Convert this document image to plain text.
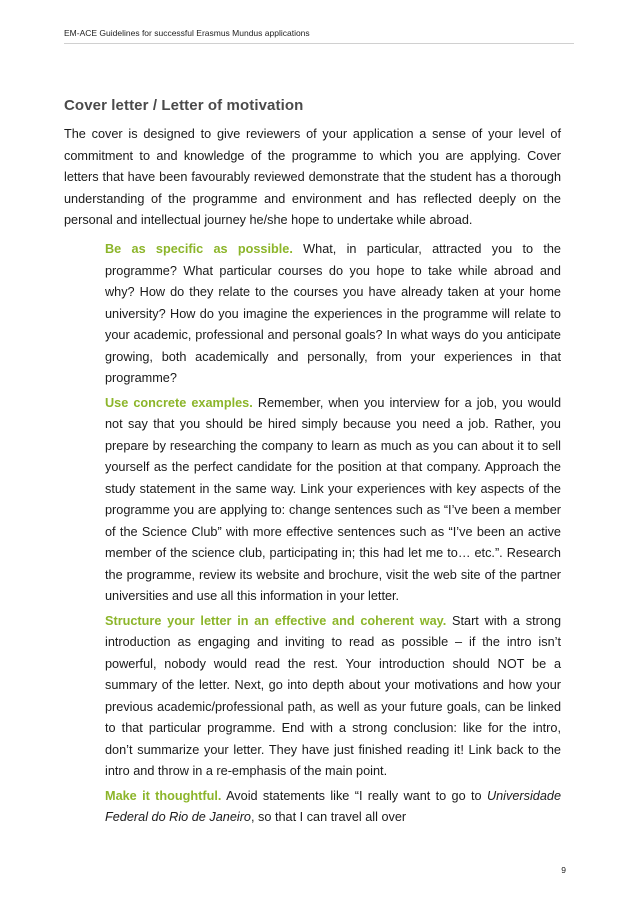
EM-ACE Guidelines for successful Erasmus Mundus applications
Cover letter / Letter of motivation

The cover is designed to give reviewers of your application a sense of your level of commitment to and knowledge of the programme to which you are applying. Cover letters that have been favourably reviewed demonstrate that the student has a thorough understanding of the programme and environment and has reflected deeply on the personal and intellectual journey he/she hope to undertake while abroad.

Be as specific as possible. What, in particular, attracted you to the programme? What particular courses do you hope to take while abroad and why? How do they relate to the courses you have already taken at your home university? How do you imagine the experiences in the programme will relate to your academic, professional and personal goals? In what ways do you anticipate growing, both academically and personally, from your experiences in that programme?

Use concrete examples. Remember, when you interview for a job, you would not say that you should be hired simply because you need a job. Rather, you prepare by researching the company to learn as much as you can about it to sell yourself as the perfect candidate for the position at that company. Approach the study statement in the same way. Link your experiences with key aspects of the programme you are applying to: change sentences such as “I’ve been a member of the Science Club” with more effective sentences such as “I’ve been an active member of the science club, participating in; this had let me to… etc.”. Research the programme, review its website and brochure, visit the web site of the partner universities and use all this information in your letter.

Structure your letter in an effective and coherent way. Start with a strong introduction as engaging and inviting to read as possible – if the intro isn’t powerful, nobody would read the rest. Your introduction should NOT be a summary of the letter. Next, go into depth about your motivations and how your previous academic/professional path, as well as your future goals, can be linked to that particular programme. End with a strong conclusion: like for the intro, don’t summarize your letter. They have just finished reading it! Link back to the intro and throw in a re-emphasis of the main point.

Make it thoughtful. Avoid statements like “I really want to go to Universidade Federal do Rio de Janeiro, so that I can travel all over

9
